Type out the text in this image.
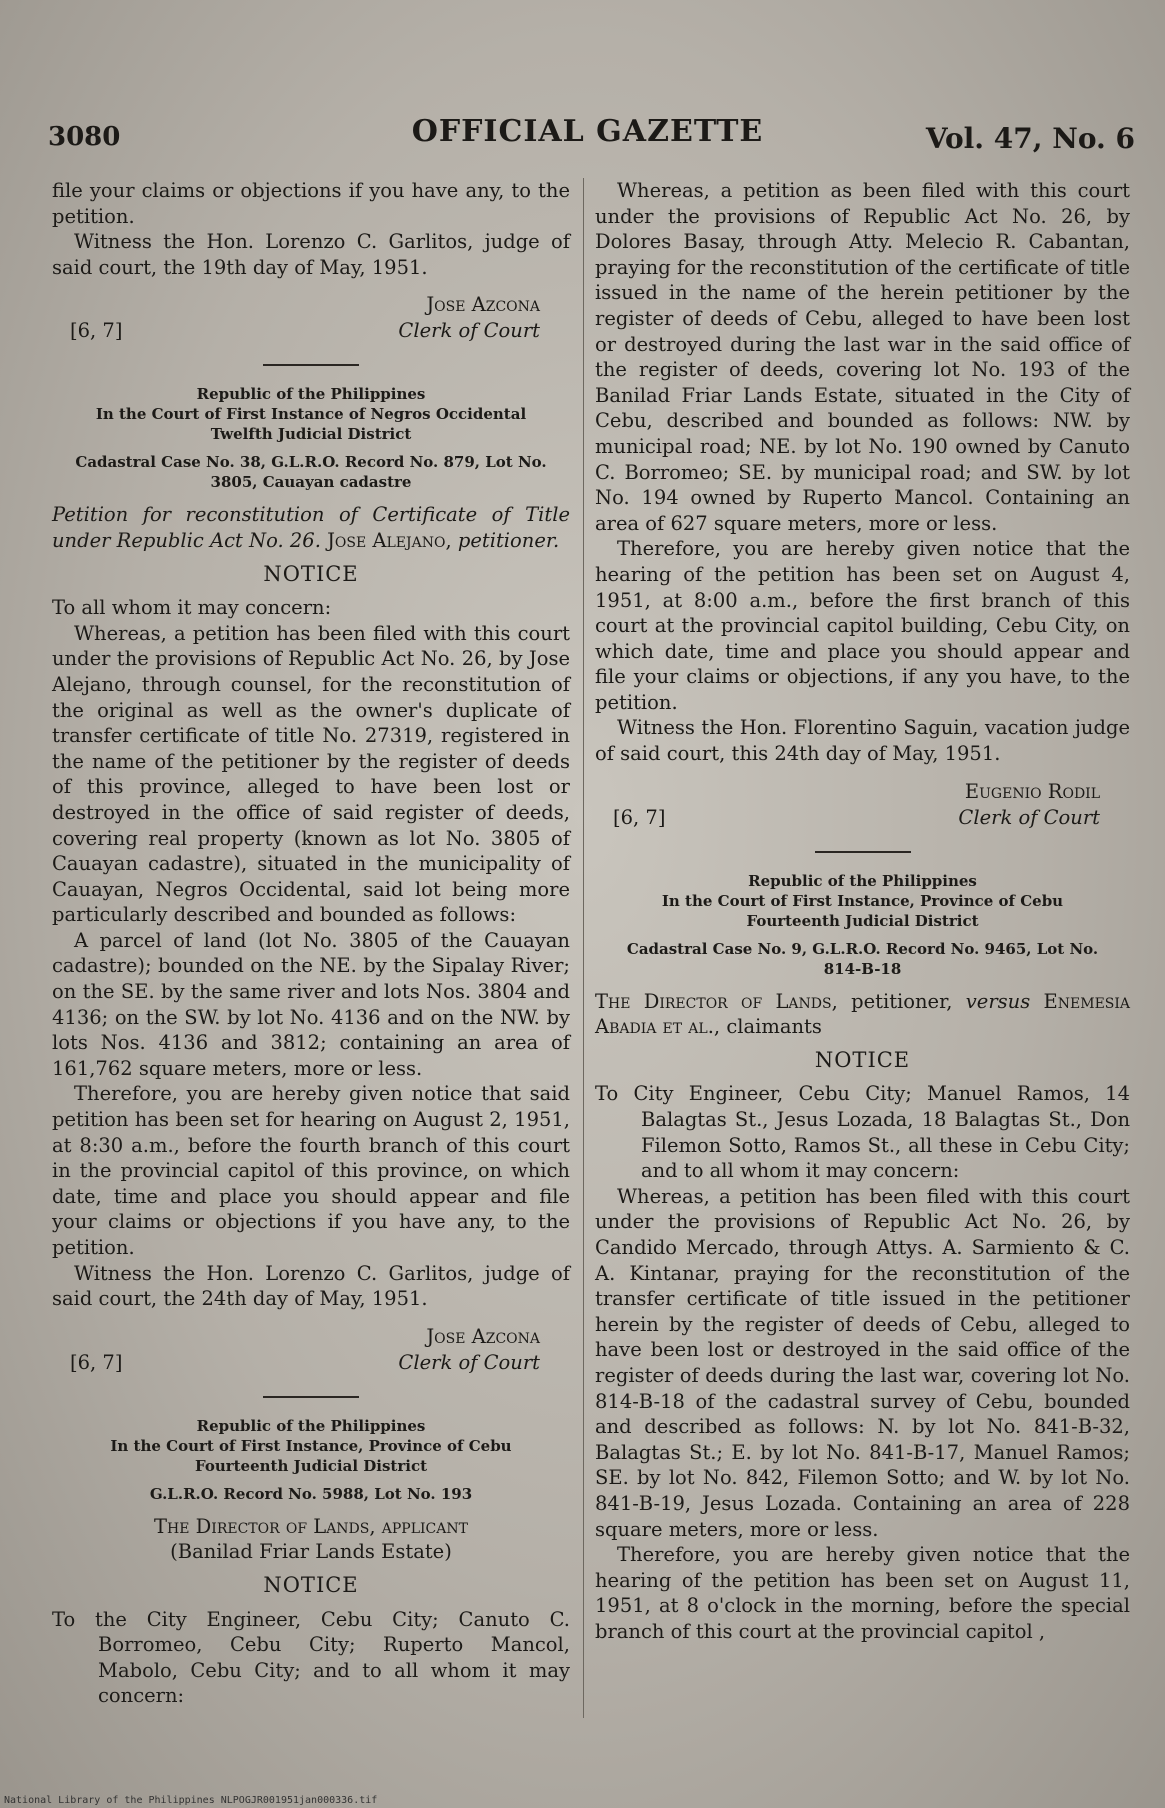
3080	OFFICIAL GAZETTE	Vol. 47, No. 6

file your claims or objections if you have any, to the petition.

Witness the Hon. Lorenzo C. Garlitos, judge of said court, the 19th day of May, 1951.

[6, 7]
Jose Azcona
Clerk of Court
Republic of the Philippines
In the Court of First Instance of Negros Occidental
Twelfth Judicial District
Cadastral Case No. 38, G.L.R.O. Record No. 879, Lot No.
3805, Cauayan cadastre

Petition for reconstitution of Certificate of Title under Republic Act No. 26. Jose Alejano, petitioner.

NOTICE

To all whom it may concern:

Whereas, a petition has been filed with this court under the provisions of Republic Act No. 26, by Jose Alejano, through counsel, for the reconstitution of the original as well as the owner's duplicate of transfer certificate of title No. 27319, registered in the name of the petitioner by the register of deeds of this province, alleged to have been lost or destroyed in the office of said register of deeds, covering real property (known as lot No. 3805 of Cauayan cadastre), situated in the municipality of Cauayan, Negros Occidental, said lot being more particularly described and bounded as follows:

A parcel of land (lot No. 3805 of the Cauayan cadastre); bounded on the NE. by the Sipalay River; on the SE. by the same river and lots Nos. 3804 and 4136; on the SW. by lot No. 4136 and on the NW. by lots Nos. 4136 and 3812; containing an area of 161,762 square meters, more or less.

Therefore, you are hereby given notice that said petition has been set for hearing on August 2, 1951, at 8:30 a.m., before the fourth branch of this court in the provincial capitol of this province, on which date, time and place you should appear and file your claims or objections if you have any, to the petition.

Witness the Hon. Lorenzo C. Garlitos, judge of said court, the 24th day of May, 1951.

[6, 7]
Jose Azcona
Clerk of Court
Republic of the Philippines
In the Court of First Instance, Province of Cebu
Fourteenth Judicial District
G.L.R.O. Record No. 5988, Lot No. 193
The Director of Lands, applicant
(Banilad Friar Lands Estate)
NOTICE

To the City Engineer, Cebu City; Canuto C. Borromeo, Cebu City; Ruperto Mancol, Mabolo, Cebu City; and to all whom it may concern:

Whereas, a petition as been filed with this court under the provisions of Republic Act No. 26, by Dolores Basay, through Atty. Melecio R. Cabantan, praying for the reconstitution of the certificate of title issued in the name of the herein petitioner by the register of deeds of Cebu, alleged to have been lost or destroyed during the last war in the said office of the register of deeds, covering lot No. 193 of the Banilad Friar Lands Estate, situated in the City of Cebu, described and bounded as follows: NW. by municipal road; NE. by lot No. 190 owned by Canuto C. Borromeo; SE. by municipal road; and SW. by lot No. 194 owned by Ruperto Mancol. Containing an area of 627 square meters, more or less.

Therefore, you are hereby given notice that the hearing of the petition has been set on August 4, 1951, at 8:00 a.m., before the first branch of this court at the provincial capitol building, Cebu City, on which date, time and place you should appear and file your claims or objections, if any you have, to the petition.

Witness the Hon. Florentino Saguin, vacation judge of said court, this 24th day of May, 1951.

[6, 7]
Eugenio Rodil
Clerk of Court
Republic of the Philippines
In the Court of First Instance, Province of Cebu
Fourteenth Judicial District
Cadastral Case No. 9, G.L.R.O. Record No. 9465, Lot No.
814-B-18

The Director of Lands, petitioner, versus Enemesia Abadia et al., claimants

NOTICE

To City Engineer, Cebu City; Manuel Ramos, 14 Balagtas St., Jesus Lozada, 18 Balagtas St., Don Filemon Sotto, Ramos St., all these in Cebu City; and to all whom it may concern:

Whereas, a petition has been filed with this court under the provisions of Republic Act No. 26, by Candido Mercado, through Attys. A. Sarmiento & C. A. Kintanar, praying for the reconstitution of the transfer certificate of title issued in the petitioner herein by the register of deeds of Cebu, alleged to have been lost or destroyed in the said office of the register of deeds during the last war, covering lot No. 814-B-18 of the cadastral survey of Cebu, bounded and described as follows: N. by lot No. 841-B-32, Balagtas St.; E. by lot No. 841-B-17, Manuel Ramos; SE. by lot No. 842, Filemon Sotto; and W. by lot No. 841-B-19, Jesus Lozada. Containing an area of 228 square meters, more or less.

Therefore, you are hereby given notice that the hearing of the petition has been set on August 11, 1951, at 8 o'clock in the morning, before the special branch of this court at the provincial capitol ,

National Library of the Philippines NLPOGJR001951jan000336.tif
